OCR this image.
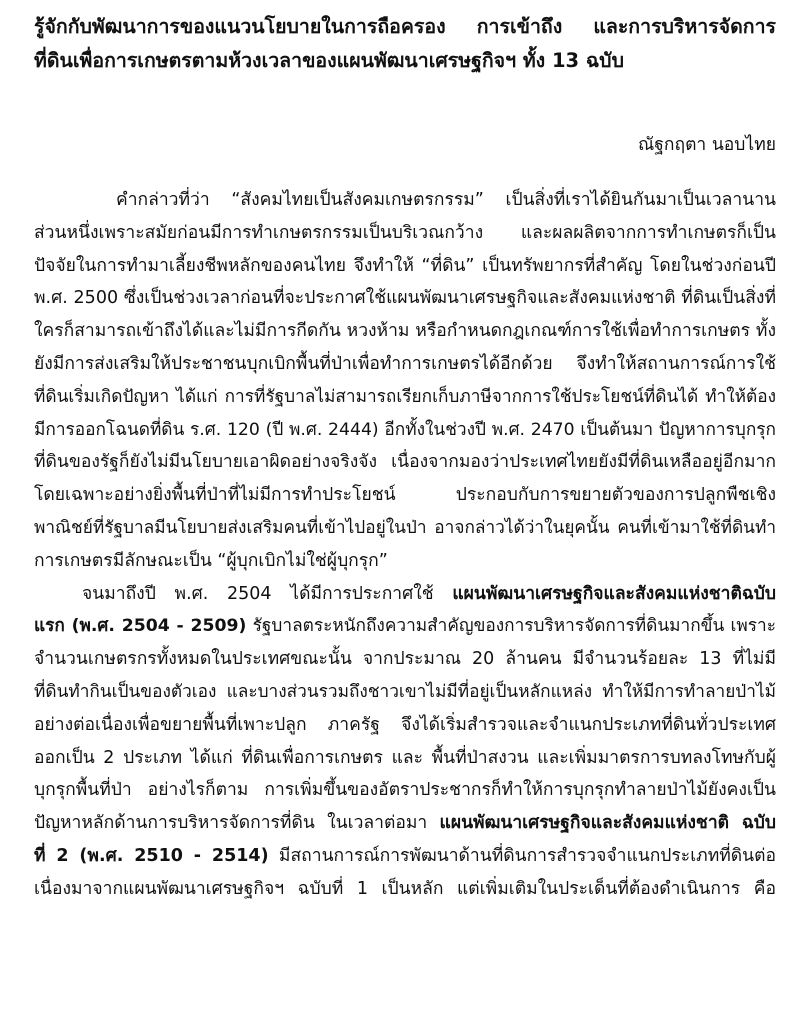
รู้จักกับพัฒนาการของแนวนโยบายในการถือครอง การเข้าถึง และการบริหารจัดการ
ที่ดินเพื่อการเกษตรตามห้วงเวลาของแผนพัฒนาเศรษฐกิจฯ ทั้ง 13 ฉบับ
ณัฐกฤตา นอบไทย
คำกล่าวที่ว่า “สังคมไทยเป็นสังคมเกษตรกรรม” เป็นสิ่งที่เราได้ยินกันมาเป็นเวลานาน
ส่วนหนึ่งเพราะสมัยก่อนมีการทำเกษตรกรรมเป็นบริเวณกว้าง และผลผลิตจากการทำเกษตรก็เป็น
ปัจจัยในการทำมาเลี้ยงชีพหลักของคนไทย จึงทำให้ “ที่ดิน” เป็นทรัพยากรที่สำคัญ โดยในช่วงก่อนปี
พ.ศ. 2500 ซึ่งเป็นช่วงเวลาก่อนที่จะประกาศใช้แผนพัฒนาเศรษฐกิจและสังคมแห่งชาติ ที่ดินเป็นสิ่งที่
ใครก็สามารถเข้าถึงได้และไม่มีการกีดกัน หวงห้าม หรือกำหนดกฎเกณฑ์การใช้เพื่อทำการเกษตร ทั้ง
ยังมีการส่งเสริมให้ประชาชนบุกเบิกพื้นที่ป่าเพื่อทำการเกษตรได้อีกด้วย จึงทำให้สถานการณ์การใช้
ที่ดินเริ่มเกิดปัญหา ได้แก่ การที่รัฐบาลไม่สามารถเรียกเก็บภาษีจากการใช้ประโยชน์ที่ดินได้ ทำให้ต้อง
มีการออกโฉนดที่ดิน ร.ศ. 120 (ปี พ.ศ. 2444) อีกทั้งในช่วงปี พ.ศ. 2470 เป็นต้นมา ปัญหาการบุกรุก
ที่ดินของรัฐก็ยังไม่มีนโยบายเอาผิดอย่างจริงจัง เนื่องจากมองว่าประเทศไทยยังมีที่ดินเหลืออยู่อีกมาก
โดยเฉพาะอย่างยิ่งพื้นที่ป่าที่ไม่มีการทำประโยชน์ ประกอบกับการขยายตัวของการปลูกพืชเชิง
พาณิชย์ที่รัฐบาลมีนโยบายส่งเสริมคนที่เข้าไปอยู่ในป่า อาจกล่าวได้ว่าในยุคนั้น คนที่เข้ามาใช้ที่ดินทำ
การเกษตรมีลักษณะเป็น “ผู้บุกเบิกไม่ใช่ผู้บุกรุก”
จนมาถึงปี พ.ศ. 2504 ได้มีการประกาศใช้ แผนพัฒนาเศรษฐกิจและสังคมแห่งชาติฉบับ
แรก (พ.ศ. 2504 - 2509) รัฐบาลตระหนักถึงความสำคัญของการบริหารจัดการที่ดินมากขึ้น เพราะ
จำนวนเกษตรกรทั้งหมดในประเทศขณะนั้น จากประมาณ 20 ล้านคน มีจำนวนร้อยละ 13 ที่ไม่มี
ที่ดินทำกินเป็นของตัวเอง และบางส่วนรวมถึงชาวเขาไม่มีที่อยู่เป็นหลักแหล่ง ทำให้มีการทำลายป่าไม้
อย่างต่อเนื่องเพื่อขยายพื้นที่เพาะปลูก ภาครัฐ จึงได้เริ่มสำรวจและจำแนกประเภทที่ดินทั่วประเทศ
ออกเป็น 2 ประเภท ได้แก่ ที่ดินเพื่อการเกษตร และ พื้นที่ป่าสงวน และเพิ่มมาตรการบทลงโทษกับผู้
บุกรุกพื้นที่ป่า อย่างไรก็ตาม การเพิ่มขึ้นของอัตราประชากรก็ทำให้การบุกรุกทำลายป่าไม้ยังคงเป็น
ปัญหาหลักด้านการบริหารจัดการที่ดิน ในเวลาต่อมา แผนพัฒนาเศรษฐกิจและสังคมแห่งชาติ ฉบับ
ที่ 2 (พ.ศ. 2510 - 2514) มีสถานการณ์การพัฒนาด้านที่ดินการสำรวจจำแนกประเภทที่ดินต่อ
เนื่องมาจากแผนพัฒนาเศรษฐกิจฯ ฉบับที่ 1 เป็นหลัก แต่เพิ่มเติมในประเด็นที่ต้องดำเนินการ คือ
